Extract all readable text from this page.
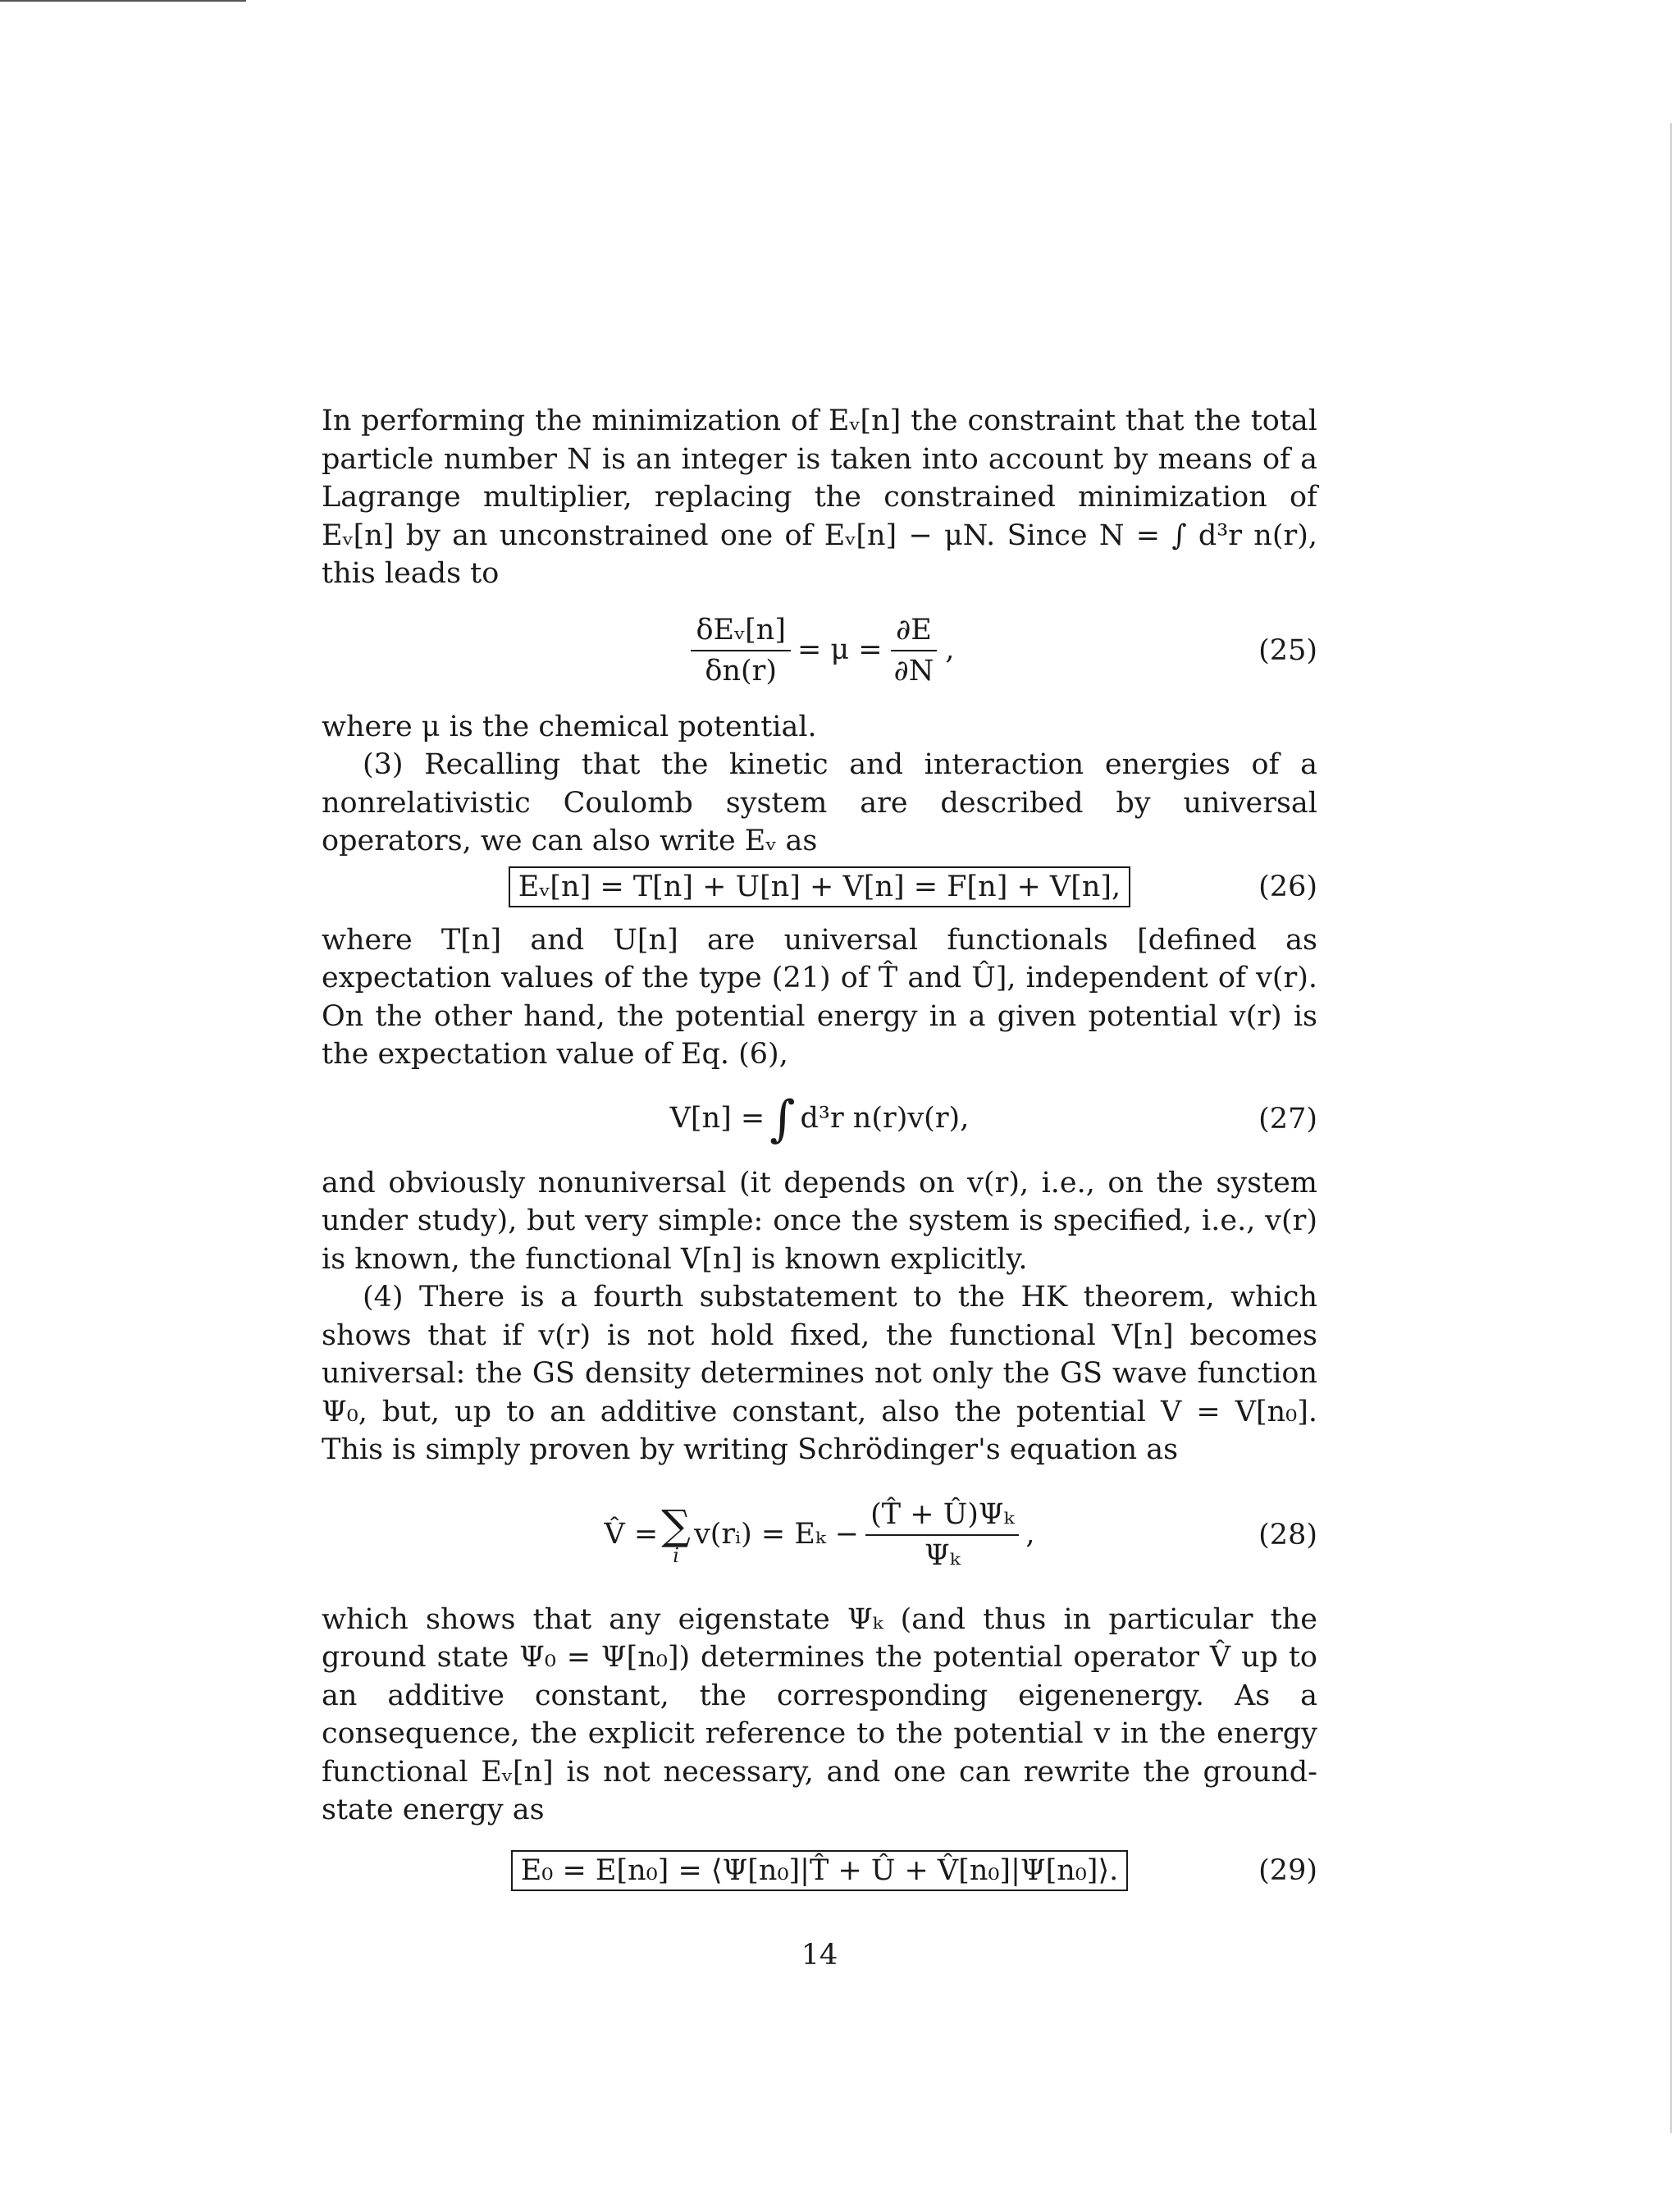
In performing the minimization of Eᵥ[n] the constraint that the total particle number N is an integer is taken into account by means of a Lagrange multiplier, replacing the constrained minimization of Eᵥ[n] by an unconstrained one of Eᵥ[n] − μN. Since N = ∫ d³r n(r), this leads to

$\frac{\text{δEᵥ[n]}}{\delta n(r)} = \mu = \frac{\partial E}{\partial N}$ ,	(25)

where μ is the chemical potential.

(3) Recalling that the kinetic and interaction energies of a nonrelativistic Coulomb system are described by universal operators, we can also write Eᵥ as

Eᵥ[n] = T[n] + U[n] + V[n] = F[n] + V[n],	(26)

where T[n] and U[n] are universal functionals [defined as expectation values of the type (21) of T̂ and Û], independent of v(r). On the other hand, the potential energy in a given potential v(r) is the expectation value of Eq. (6),

V[n] = ∫ d³r n(r)v(r),	(27)

and obviously nonuniversal (it depends on v(r), i.e., on the system under study), but very simple: once the system is specified, i.e., v(r) is known, the functional V[n] is known explicitly.

(4) There is a fourth substatement to the HK theorem, which shows that if v(r) is not hold fixed, the functional V[n] becomes universal: the GS density determines not only the GS wave function Ψ₀, but, up to an additive constant, also the potential V = V[n₀]. This is simply proven by writing Schrödinger's equation as

V̂ = ∑
i
v(rᵢ) = $E_k - \frac{\text{(T̂ + Û)Ψₖ}}{\text{Ψₖ}}$ ,	(28)

which shows that any eigenstate Ψₖ (and thus in particular the ground state Ψ₀ = Ψ[n₀]) determines the potential operator V̂ up to an additive constant, the corresponding eigenenergy. As a consequence, the explicit reference to the potential v in the energy functional Eᵥ[n] is not necessary, and one can rewrite the ground-state energy as

E₀ = E[n₀] = ⟨Ψ[n₀]|T̂ + Û + V̂[n₀]|Ψ[n₀]⟩.	(29)
14
